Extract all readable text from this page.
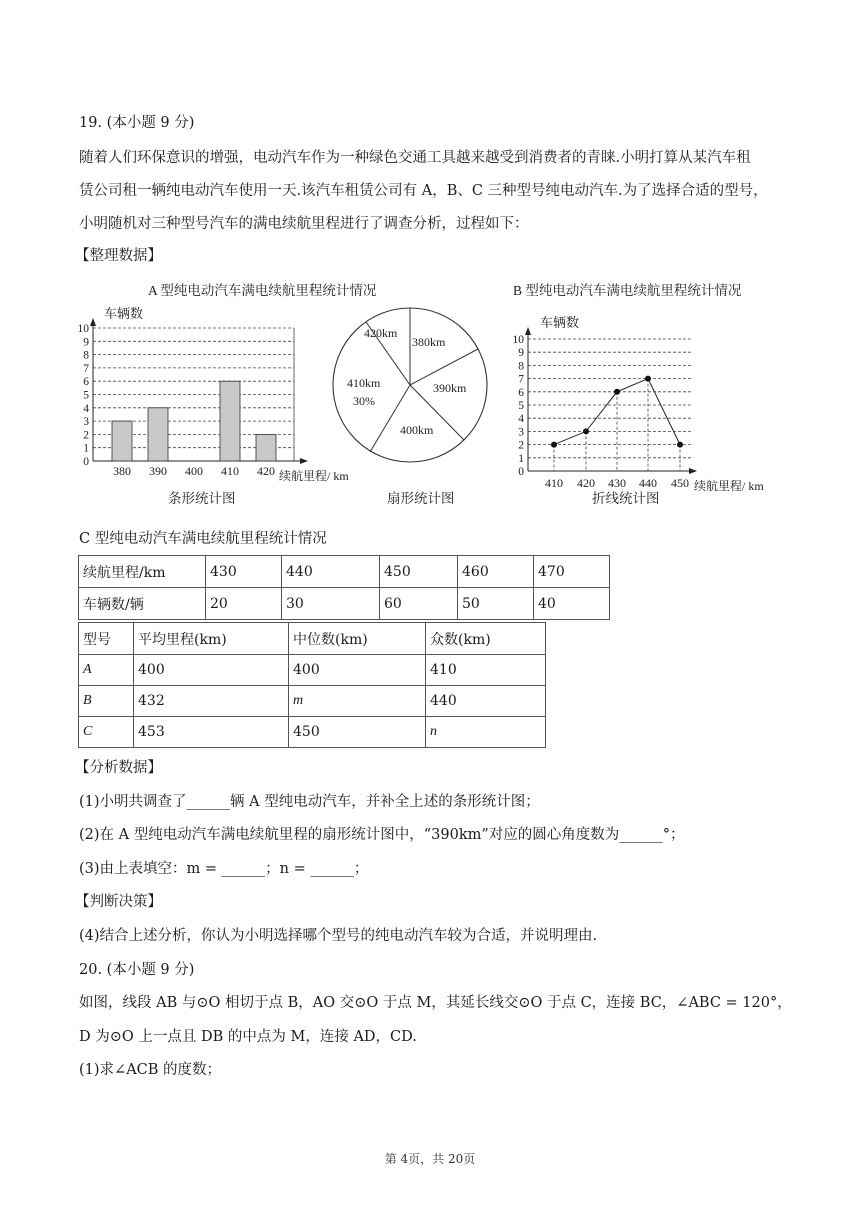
19. (本小题 9 分)

随着人们环保意识的增强，电动汽车作为一种绿色交通工具越来越受到消费者的青睐.小明打算从某汽车租

赁公司租一辆纯电动汽车使用一天.该汽车租赁公司有 A，B、C 三种型号纯电动汽车.为了选择合适的型号，

小明随机对三种型号汽车的满电续航里程进行了调查分析，过程如下：

【整理数据】

A 型纯电动汽车满电续航里程统计情况	B 型纯电动汽车满电续航里程统计情况
车辆数
续航里程/ km
条形统计图
0
1
2
3
4
5
6
7
8
9
10
380 390 400 410 420
420km
380km
390km
400km
410km
30%
扇形统计图
车辆数
续航里程/ km
折线统计图
0
1
2
3
4
5
6
7
8
9
10
410 420 430 440 450

C 型纯电动汽车满电续航里程统计情况

续航里程/km	430	440	450	460	470
车辆数/辆	20	30	60	50	40
型号	平均里程(km)	中位数(km)	众数(km)
A	400	400	410
B	432	m	440
C	453	450	n

【分析数据】

(1)小明共调查了______辆 A 型纯电动汽车，并补全上述的条形统计图；

(2)在 A 型纯电动汽车满电续航里程的扇形统计图中，“390km”对应的圆心角度数为______°；

(3)由上表填空：m = ______；n = ______；

【判断决策】

(4)结合上述分析，你认为小明选择哪个型号的纯电动汽车较为合适，并说明理由.

20. (本小题 9 分)

如图，线段 AB 与⊙O 相切于点 B，AO 交⊙O 于点 M，其延长线交⊙O 于点 C，连接 BC，∠ABC = 120°，

D 为⊙O 上一点且 DB 的中点为 M，连接 AD，CD.

(1)求∠ACB 的度数；

第 4页，共 20页
